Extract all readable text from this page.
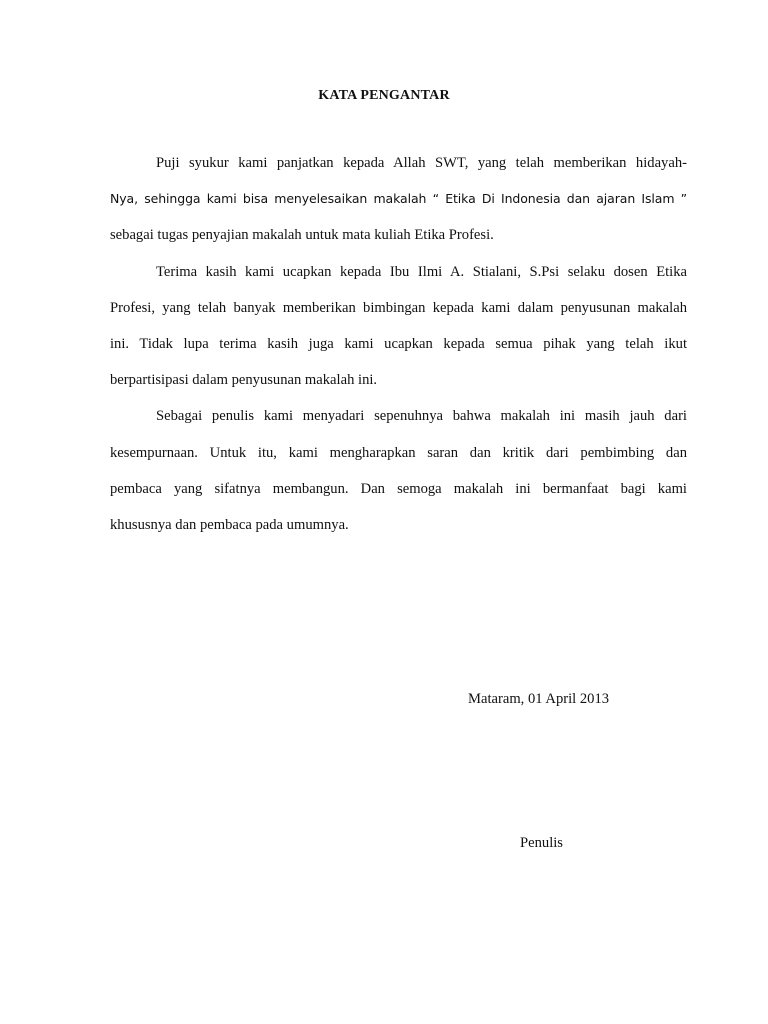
KATA PENGANTAR
Puji syukur kami panjatkan kepada Allah SWT, yang telah memberikan hidayah-
Nya, sehingga kami bisa menyelesaikan makalah “ Etika Di Indonesia dan ajaran Islam ”
sebagai tugas penyajian makalah untuk mata kuliah Etika Profesi.
Terima kasih kami ucapkan kepada Ibu Ilmi A. Stialani, S.Psi selaku dosen Etika
Profesi, yang telah banyak memberikan bimbingan kepada kami dalam penyusunan makalah
ini. Tidak lupa terima kasih juga kami ucapkan kepada semua pihak yang telah ikut
berpartisipasi dalam penyusunan makalah ini.
Sebagai penulis kami menyadari sepenuhnya bahwa makalah ini masih jauh dari
kesempurnaan. Untuk itu, kami mengharapkan saran dan kritik dari pembimbing dan
pembaca yang sifatnya membangun. Dan semoga makalah ini bermanfaat bagi kami
khususnya dan pembaca pada umumnya.
Mataram, 01 April 2013
Penulis
